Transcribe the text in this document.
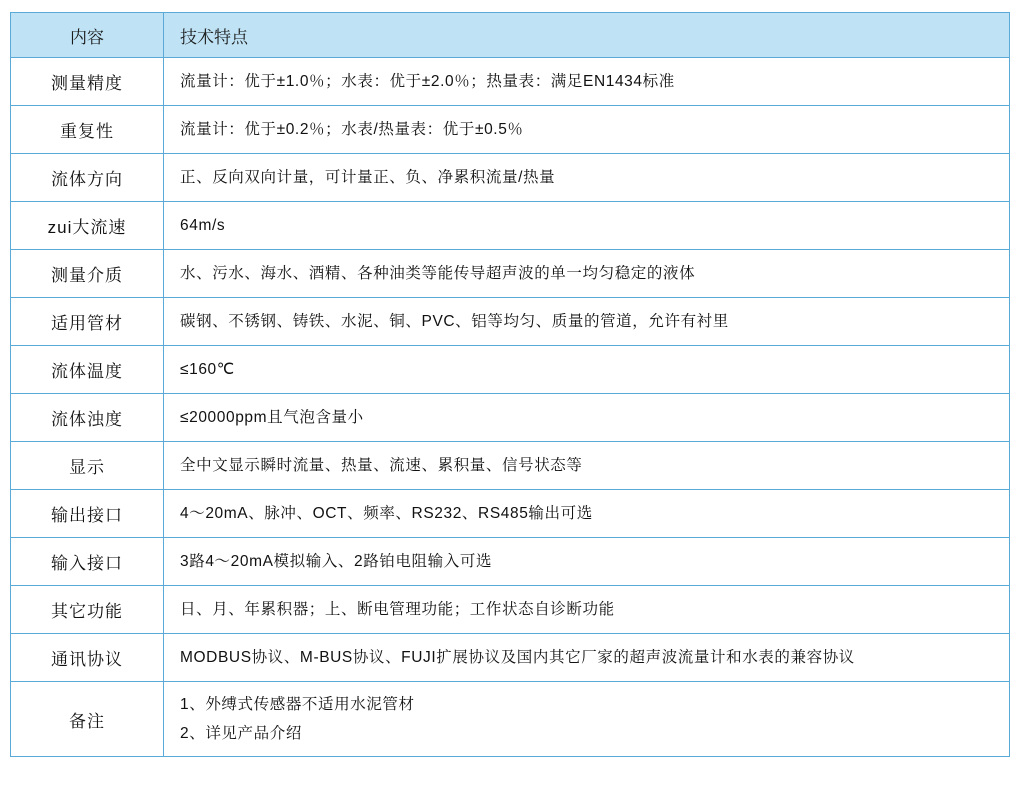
内容	技术特点
测量精度	流量计：优于±1.0％；水表：优于±2.0％；热量表：满足EN1434标准

重复性	流量计：优于±0.2％；水表/热量表：优于±0.5％

流体方向	正、反向双向计量，可计量正、负、净累积流量/热量

zui大流速	64m/s

测量介质	水、污水、海水、酒精、各种油类等能传导超声波的单一均匀稳定的液体

适用管材	碳钢、不锈钢、铸铁、水泥、铜、PVC、铝等均匀、质量的管道，允许有衬里

流体温度	≤160℃

流体浊度	≤20000ppm且气泡含量小

显示	全中文显示瞬时流量、热量、流速、累积量、信号状态等

输出接口	4～20mA、脉冲、OCT、频率、RS232、RS485输出可选

输入接口	3路4～20mA模拟输入、2路铂电阻输入可选

其它功能	日、月、年累积器；上、断电管理功能；工作状态自诊断功能

通讯协议	MODBUS协议、M-BUS协议、FUJI扩展协议及国内其它厂家的超声波流量计和水表的兼容协议

备注	1、外缚式传感器不适用水泥管材
2、详见产品介绍
